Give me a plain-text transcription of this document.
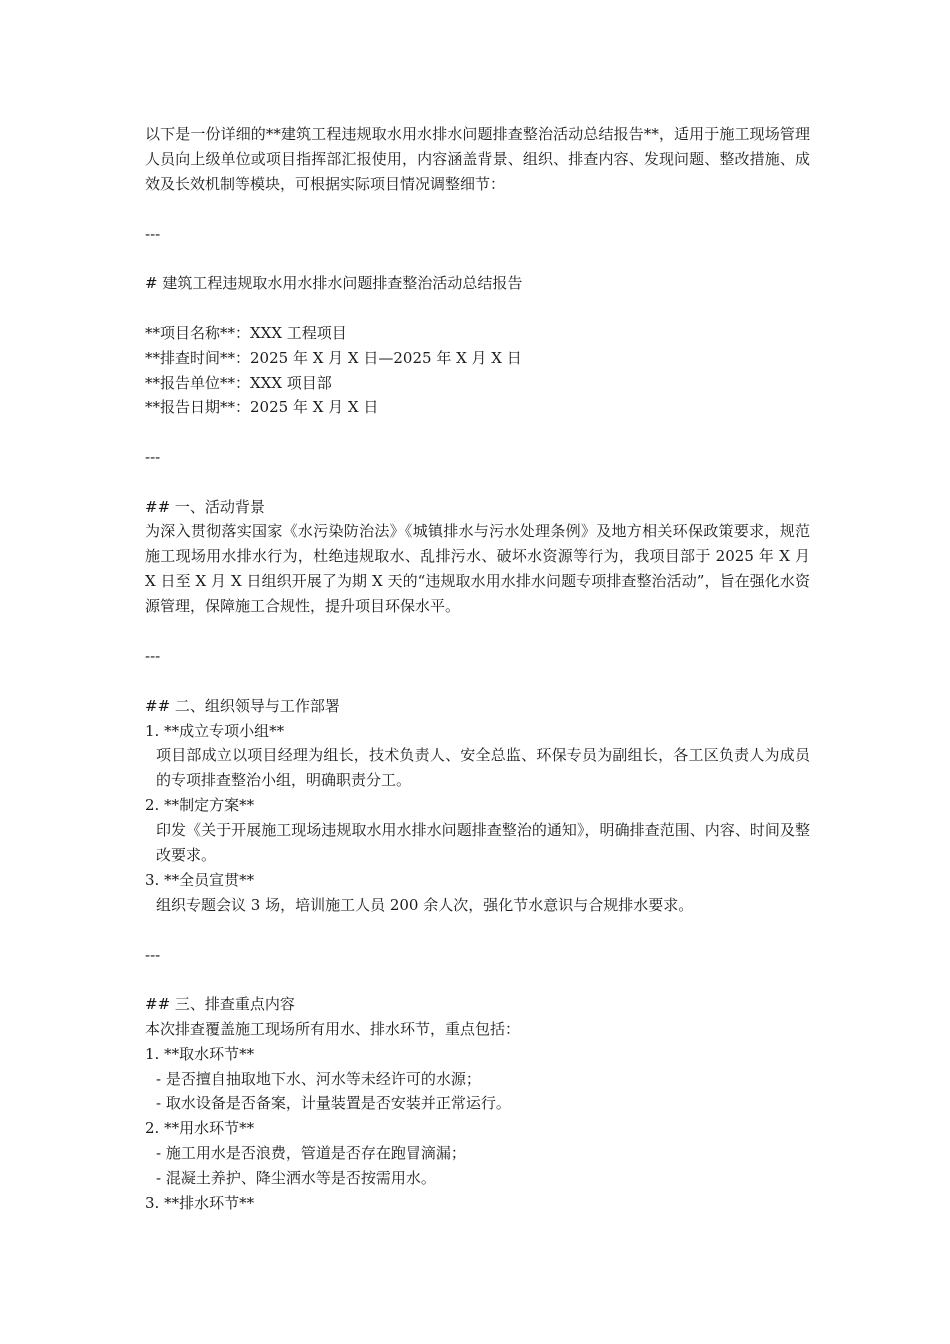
以下是一份详细的**建筑工程违规取水用水排水问题排查整治活动总结报告**，适用于施工现场管理人员向上级单位或项目指挥部汇报使用，内容涵盖背景、组织、排查内容、发现问题、整改措施、成效及长效机制等模块，可根据实际项目情况调整细节：

---

# 建筑工程违规取水用水排水问题排查整治活动总结报告

**项目名称**：XXX 工程项目

**排查时间**：2025 年 X 月 X 日—2025 年 X 月 X 日

**报告单位**：XXX 项目部

**报告日期**：2025 年 X 月 X 日

---

## 一、活动背景

为深入贯彻落实国家《水污染防治法》《城镇排水与污水处理条例》及地方相关环保政策要求，规范施工现场用水排水行为，杜绝违规取水、乱排污水、破坏水资源等行为，我项目部于 2025 年 X 月 X 日至 X 月 X 日组织开展了为期 X 天的“违规取水用水排水问题专项排查整治活动”，旨在强化水资源管理，保障施工合规性，提升项目环保水平。

---

## 二、组织领导与工作部署

1. **成立专项小组**

项目部成立以项目经理为组长，技术负责人、安全总监、环保专员为副组长，各工区负责人为成员的专项排查整治小组，明确职责分工。

2. **制定方案**

印发《关于开展施工现场违规取水用水排水问题排查整治的通知》，明确排查范围、内容、时间及整改要求。

3. **全员宣贯**

组织专题会议 3 场，培训施工人员 200 余人次，强化节水意识与合规排水要求。

---

## 三、排查重点内容

本次排查覆盖施工现场所有用水、排水环节，重点包括：

1. **取水环节**

- 是否擅自抽取地下水、河水等未经许可的水源；

- 取水设备是否备案，计量装置是否安装并正常运行。

2. **用水环节**

- 施工用水是否浪费，管道是否存在跑冒滴漏；

- 混凝土养护、降尘洒水等是否按需用水。

3. **排水环节**
